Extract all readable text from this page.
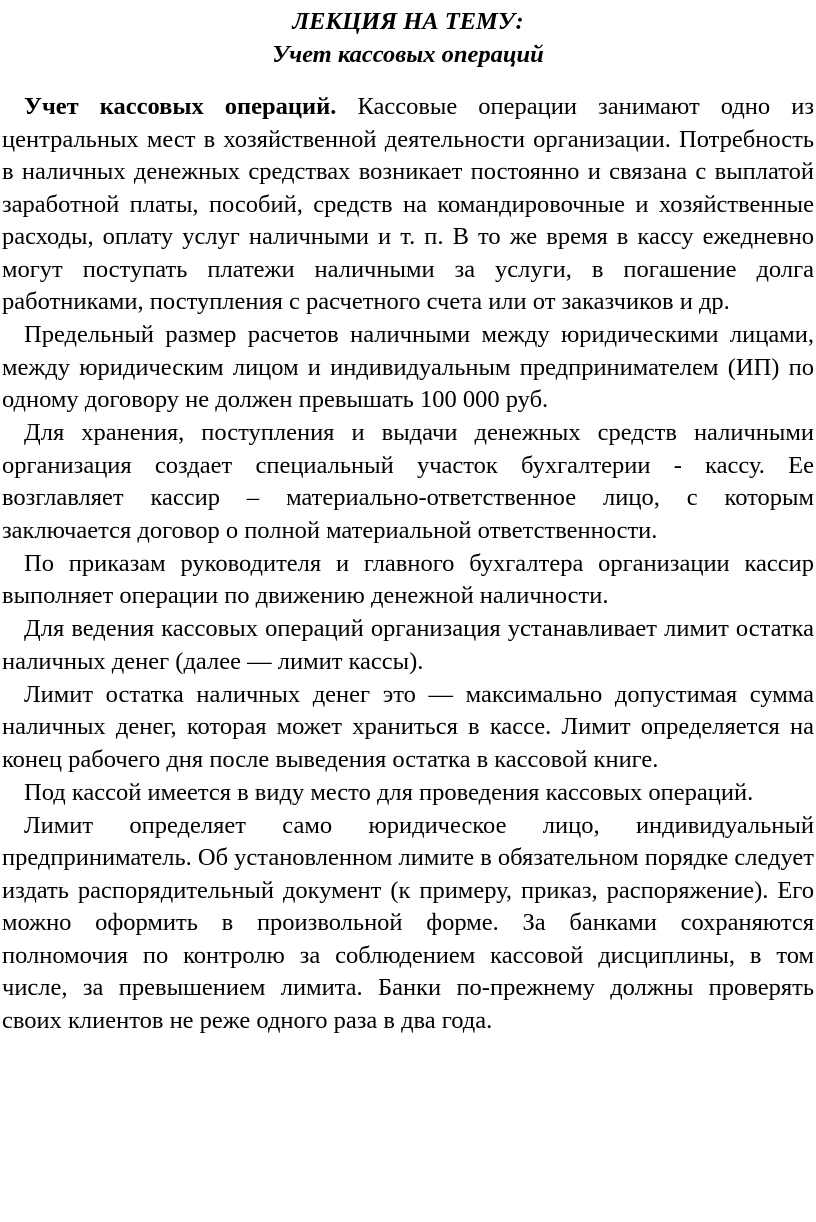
ЛЕКЦИЯ НА ТЕМУ:
Учет кассовых операций

Учет кассовых операций. Кассовые операции занимают одно из центральных мест в хозяйственной деятельности организации. Потребность в наличных денежных средствах возникает постоянно и связана с выплатой заработной платы, пособий, средств на командировочные и хозяйственные расходы, оплату услуг наличными и т. п. В то же время в кассу ежедневно могут поступать платежи наличными за услуги, в погашение долга работниками, поступления с расчетного счета или от заказчиков и др.

Предельный размер расчетов наличными между юридическими лицами, между юридическим лицом и индивидуальным предпринимателем (ИП) по одному договору не должен превышать 100 000 руб.

Для хранения, поступления и выдачи денежных средств наличными организация создает специальный участок бухгалтерии - кассу. Ее возглавляет кассир – материально-ответственное лицо, с которым заключается договор о полной материальной ответственности.

По приказам руководителя и главного бухгалтера организации кассир выполняет операции по движению денежной наличности.

Для ведения кассовых операций организация устанавливает лимит остатка наличных денег (далее — лимит кассы).

Лимит остатка наличных денег это — максимально допустимая сумма наличных денег, которая может храниться в кассе. Лимит определяется на конец рабочего дня после выведения остатка в кассовой книге.

Под кассой имеется в виду место для проведения кассовых операций.

Лимит определяет само юридическое лицо, индивидуальный предприниматель. Об установленном лимите в обязательном порядке следует издать распорядительный документ (к примеру, приказ, распоряжение). Его можно оформить в произвольной форме. За банками сохраняются полномочия по контролю за соблюдением кассовой дисциплины, в том числе, за превышением лимита. Банки по-прежнему должны проверять своих клиентов не реже одного раза в два года.
